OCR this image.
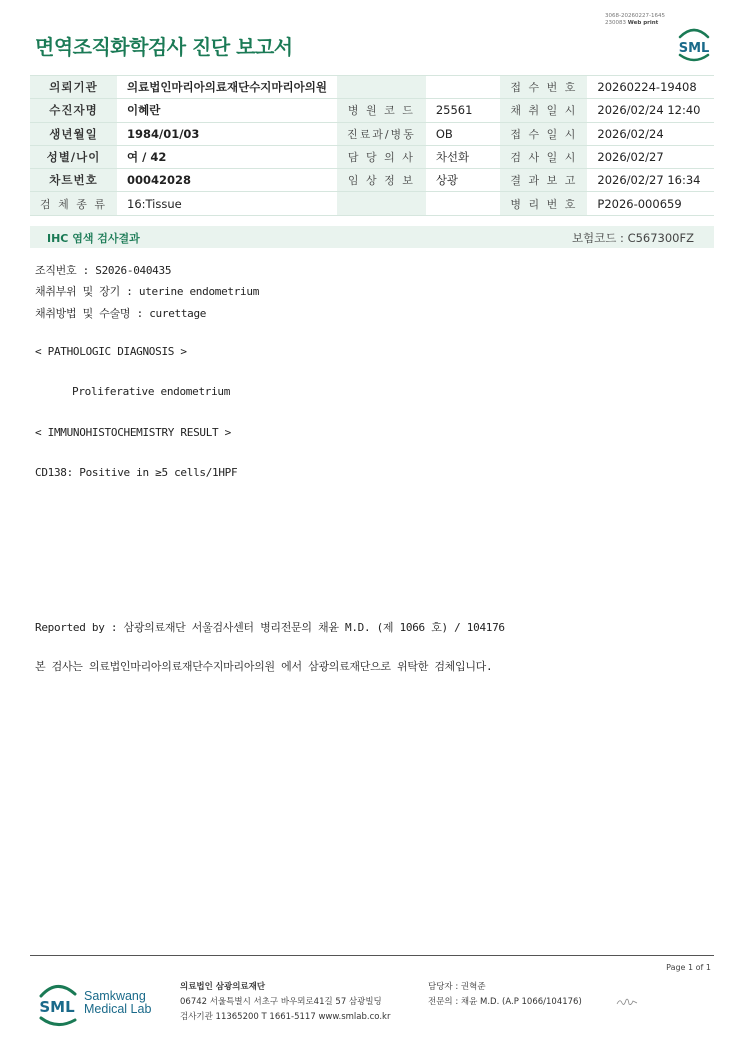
면역조직화학검사 진단 보고서
3068-20260227-1645
230083 Web print
SML
의뢰기관	의료법인마리아의료재단수지마리아의원			접 수 번 호	20260224-19408
수진자명	이혜란	병 원 코 드	25561	채 취 일 시	2026/02/24 12:40
생년월일	1984/01/03	진료과/병동	OB	접 수 일 시	2026/02/24
성별/나이	여 / 42	담 당 의 사	차선화	검 사 일 시	2026/02/27
차트번호	00042028	임 상 정 보	상광	결 과 보 고	2026/02/27 16:34
검 체 종 류	16:Tissue			병 리 번 호	P2026-000659
IHC 염색 검사결과	보험코드 : C567300FZ
조직번호 : S2026-040435
채취부위 및 장기 : uterine endometrium
채취방법 및 수술명 : curettage
< PATHOLOGIC DIAGNOSIS >
Proliferative endometrium
< IMMUNOHISTOCHEMISTRY RESULT >
CD138: Positive in ≥5 cells/1HPF
Reported by : 삼광의료재단 서울검사센터 병리전문의 채윤 M.D. (제 1066 호) / 104176
본 검사는 의료법인마리아의료재단수지마리아의원 에서 삼광의료재단으로 위탁한 검체입니다.
Page 1 of 1
SML
Samkwang
Medical Lab
의료법인 삼광의료재단
06742 서울특별시 서초구 바우뫼로41길 57 삼광빌딩
검사기관 11365200 T 1661-5117 www.smlab.co.kr
담당자 : 권혁준
전문의 : 채윤 M.D. (A.P 1066/104176)
